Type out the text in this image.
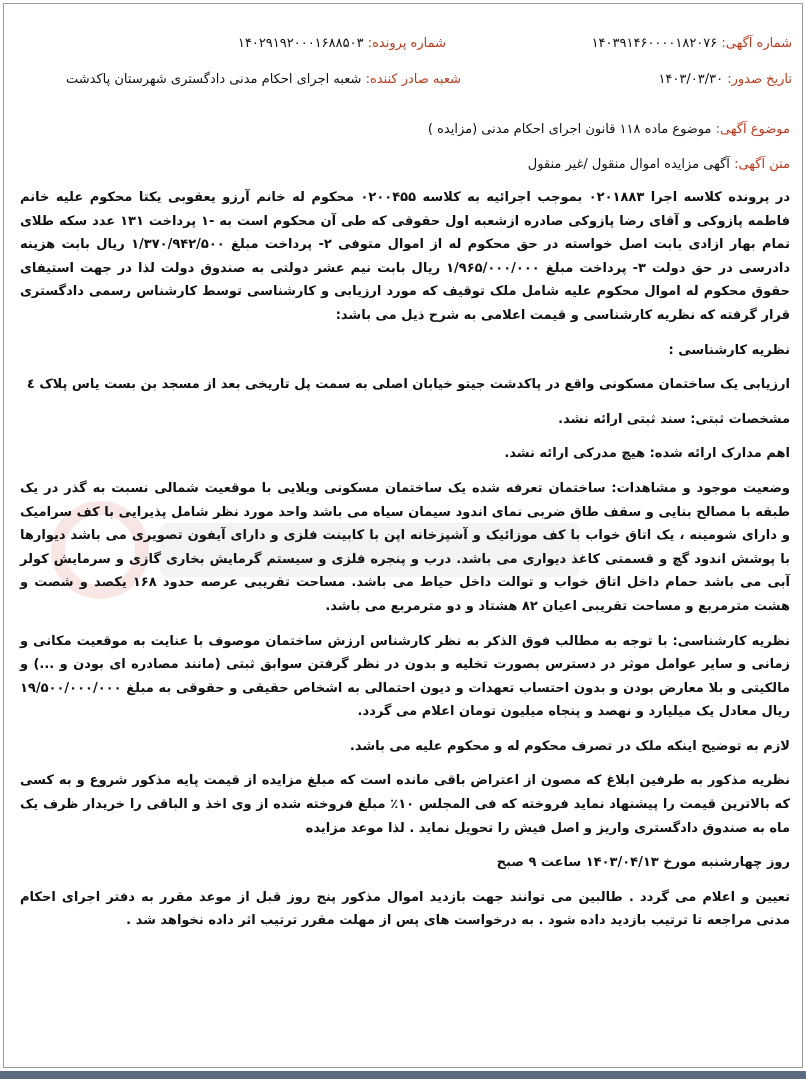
شماره آگهی: ۱۴۰۳۹۱۴۶۰۰۰۰۱۸۲۰۷۶
شماره پرونده: ۱۴۰۲۹۱۹۲۰۰۰۱۶۸۸۵۰۳
تاریخ صدور: ۱۴۰۳/۰۳/۳۰
شعبه صادر کننده: شعبه اجرای احکام مدنی دادگستری شهرستان پاکدشت
موضوع آگهی: موضوع ماده ۱۱۸ قانون اجرای احکام مدنی (مزایده )
متن آگهی: آگهی مزایده اموال منقول /غیر منقول

در پرونده کلاسه اجرا ۰۲۰۱۸۸۳ بموجب اجرائیه به کلاسه ۰۲۰۰۴۵۵ محکوم له خانم آرزو یعقوبی یکتا محکوم علیه خانم فاطمه پازوکی و آقای رضا پازوکی صادره ازشعبه اول حقوقی که طی آن محکوم است به -۱ پرداخت ۱۳۱ عدد سکه طلای تمام بهار ازادی بابت اصل خواسته در حق محکوم له از اموال متوفی ۲- پرداخت مبلغ ۱/۳۷۰/۹۴۲/۵۰۰ ریال بابت هزینه دادرسی در حق دولت ۳- پرداخت مبلغ ۱/۹۶۵/۰۰۰/۰۰۰ ریال بابت نیم عشر دولتی به صندوق دولت لذا در جهت استیفای حقوق محکوم له اموال محکوم علیه شامل ملک توقیف که مورد ارزیابی و کارشناسی توسط کارشناس رسمی دادگستری قرار گرفته که نظریه کارشناسی و قیمت اعلامی به شرح ذیل می باشد:

نظریه کارشناسی :

ارزیابی یک ساختمان مسکونی واقع در پاکدشت جیتو خیابان اصلی به سمت پل تاریخی بعد از مسجد بن بست یاس پلاک ٤

مشخصات ثبتی: سند ثبتی ارائه نشد.

اهم مدارک ارائه شده: هیچ مدرکی ارائه نشد.

وضعیت موجود و مشاهدات: ساختمان تعرفه شده یک ساختمان مسکونی ویلایی با موقعیت شمالی نسبت به گذر در یک طبقه با مصالح بنایی و سقف طاق ضربی نمای اندود سیمان سیاه می باشد واحد مورد نظر شامل پذیرایی با کف سرامیک و دارای شومینه ، یک اتاق خواب با کف موزائیک و آشپزخانه اپن با کابینت فلزی و دارای آیفون تصویری می باشد دیوارها با پوشش اندود گچ و قسمتی کاغذ دیواری می باشد. درب و پنجره فلزی و سیستم گرمایش بخاری گازی و سرمایش کولر آبی می باشد حمام داخل اتاق خواب و توالت داخل حیاط می باشد. مساحت تقریبی عرصه حدود ۱۶۸ یکصد و شصت و هشت مترمربع و مساحت تقریبی اعیان ۸۲ هشتاد و دو مترمربع می باشد.

نظریه کارشناسی: با توجه به مطالب فوق الذکر به نظر کارشناس ارزش ساختمان موصوف با عنایت به موقعیت مکانی و زمانی و سایر عوامل موثر در دسترس بصورت تخلیه و بدون در نظر گرفتن سوابق ثبتی (مانند مصادره ای بودن و ...) و مالکیتی و بلا معارض بودن و بدون احتساب تعهدات و دیون احتمالی به اشخاص حقیقی و حقوقی به مبلغ ۱۹/۵۰۰/۰۰۰/۰۰۰ ریال معادل یک میلیارد و نهصد و پنجاه میلیون تومان اعلام می گردد.

لازم به توضیح اینکه ملک در تصرف محکوم له و محکوم علیه می باشد.

نظریه مذکور به طرفین ابلاغ که مصون از اعتراض باقی مانده است که مبلغ مزایده از قیمت پایه مذکور شروع و به کسی که بالاترین قیمت را پیشنهاد نماید فروخته که فی المجلس ۱۰٪ مبلغ فروخته شده از وی اخذ و الباقی را خریدار ظرف یک ماه به صندوق دادگستری واریز و اصل فیش را تحویل نماید . لذا موعد مزایده

روز چهارشنبه مورخ ۱۴۰۳/۰۴/۱۳ ساعت ۹ صبح

تعیین و اعلام می گردد . طالبین می توانند جهت بازدید اموال مذکور پنج روز قبل از موعد مقرر به دفتر اجرای احکام مدنی مراجعه تا ترتیب بازدید داده شود . به درخواست های پس از مهلت مقرر ترتیب اثر داده نخواهد شد .
